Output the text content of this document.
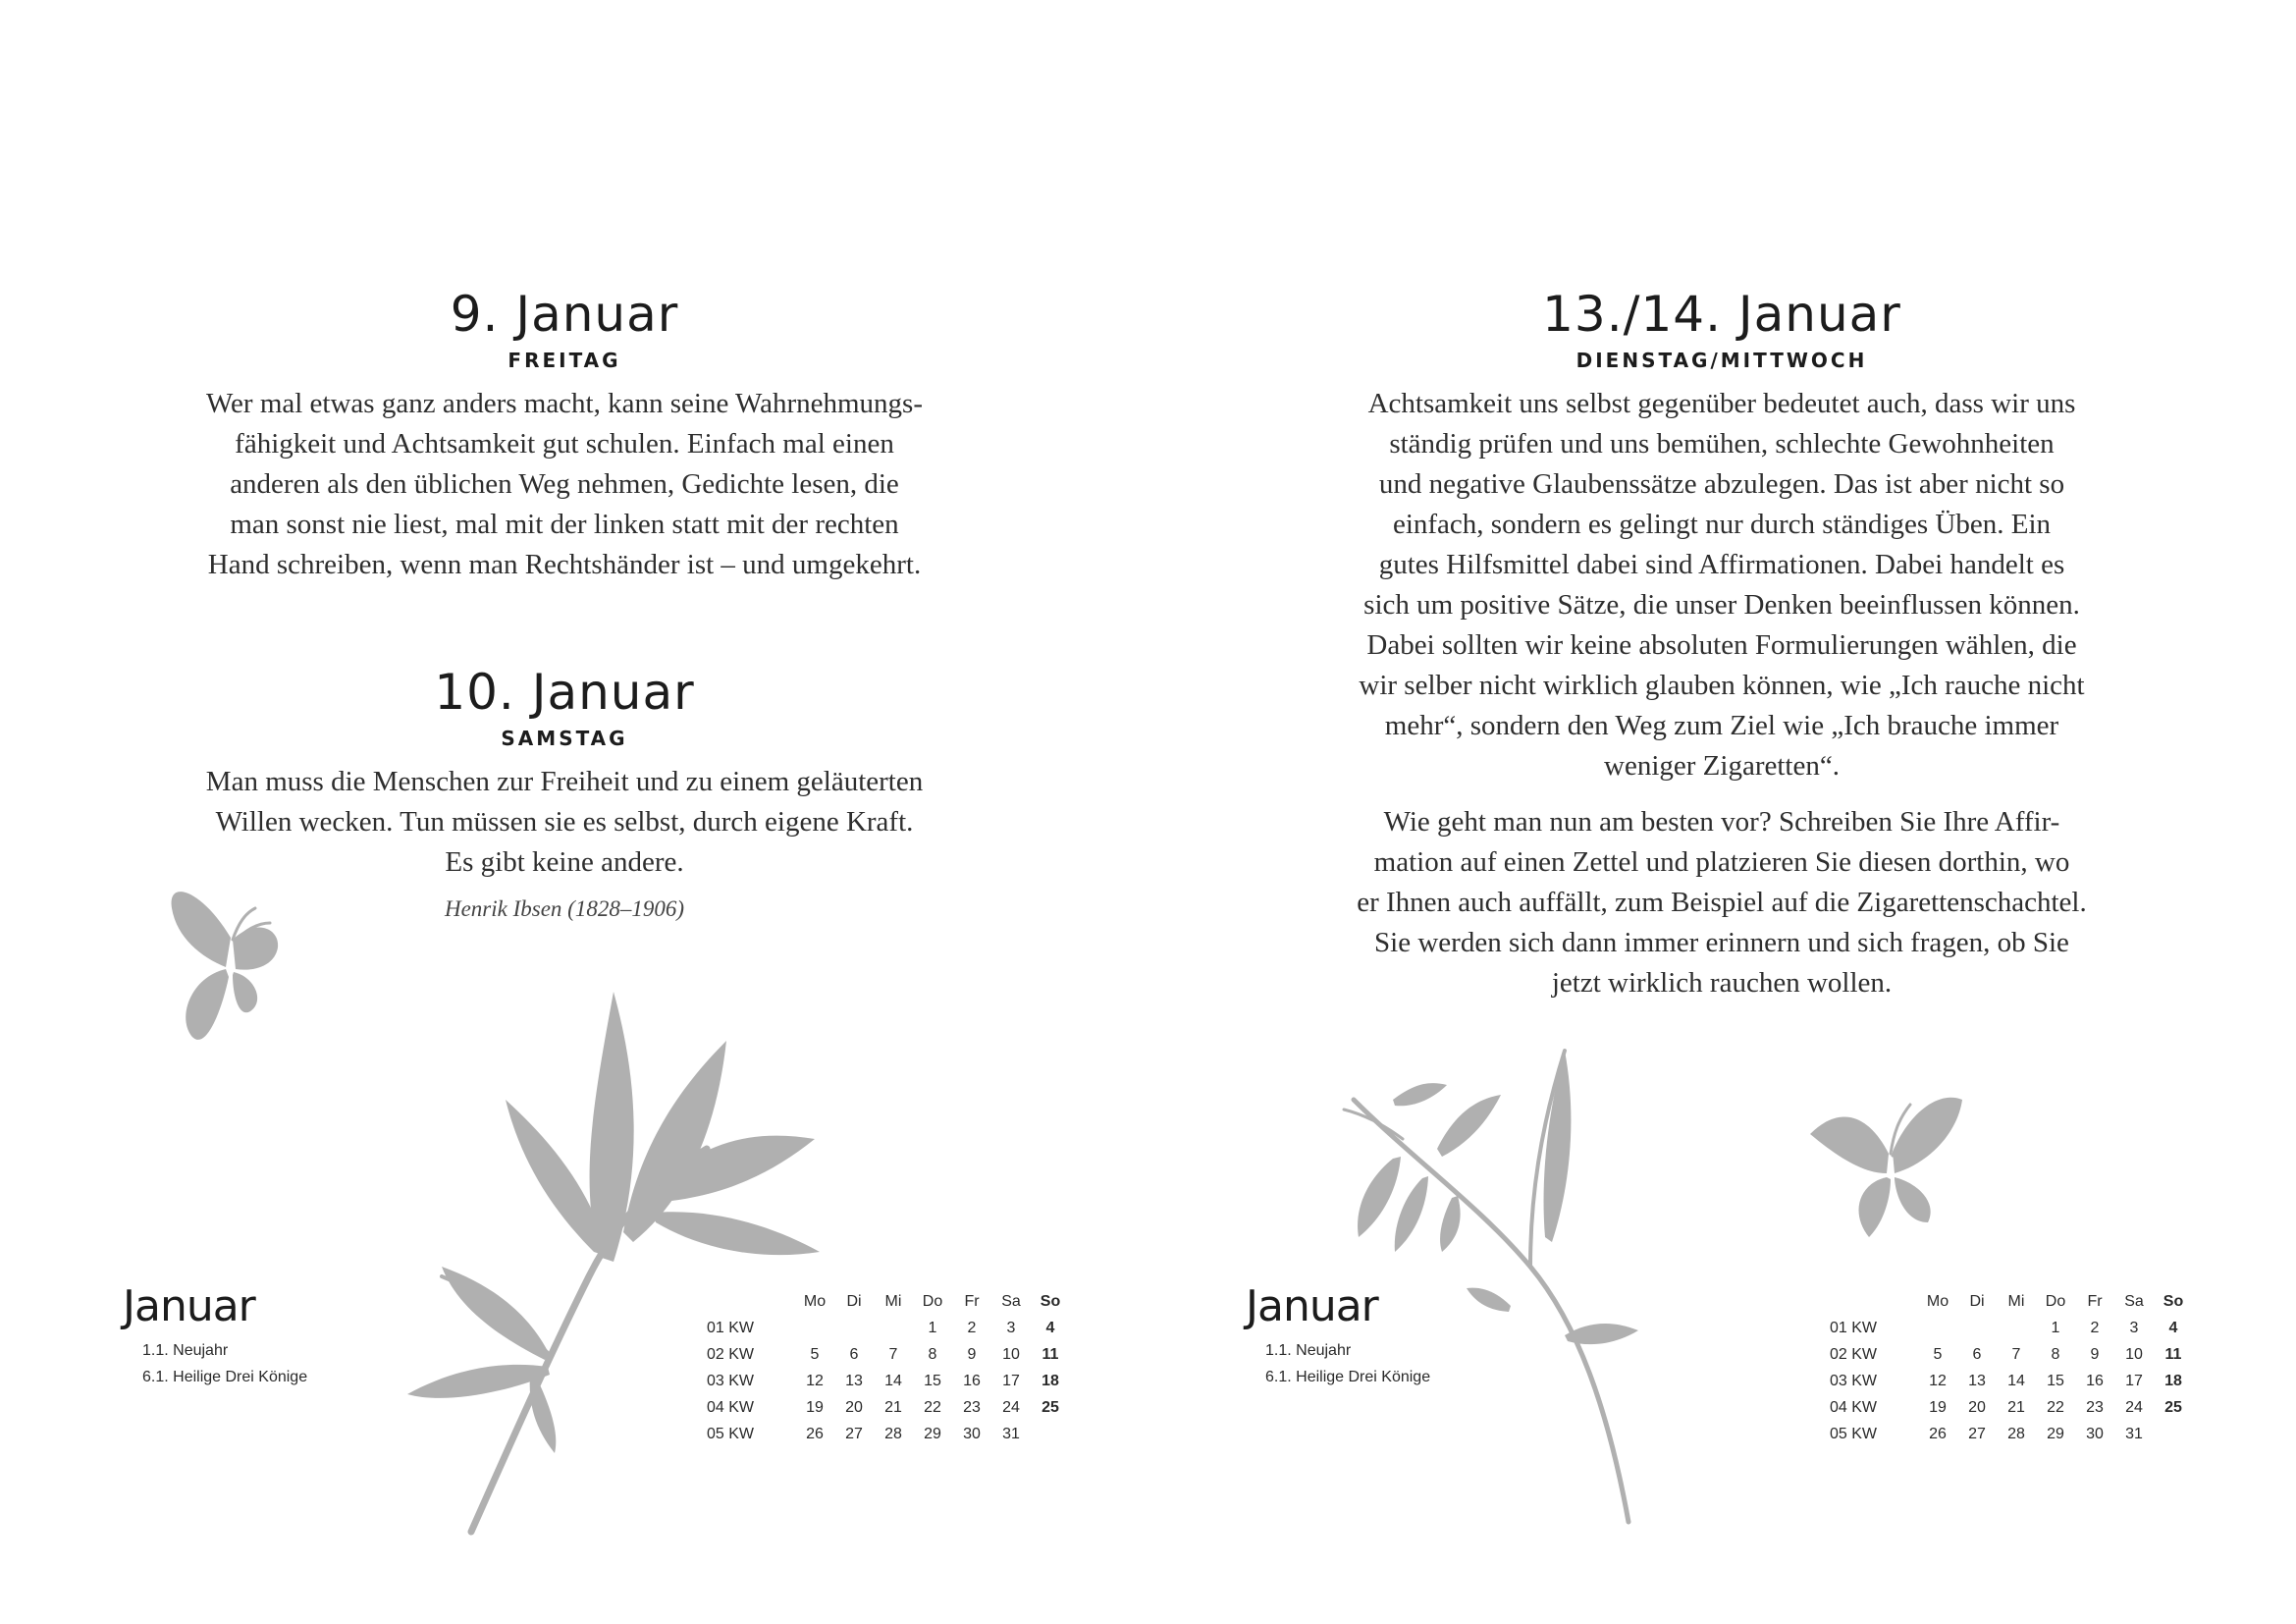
9. Januar
FREITAG

Wer mal etwas ganz anders macht, kann seine Wahrnehmungs-
fähigkeit und Achtsamkeit gut schulen. Einfach mal einen
anderen als den üblichen Weg nehmen, Gedichte lesen, die
man sonst nie liest, mal mit der linken statt mit der rechten
Hand schreiben, wenn man Rechtshänder ist – und umgekehrt.

10. Januar
SAMSTAG

Man muss die Menschen zur Freiheit und zu einem geläuterten
Willen wecken. Tun müssen sie es selbst, durch eigene Kraft.
Es gibt keine andere.

Henrik Ibsen (1828–1906)
Januar
1.1. Neujahr
6.1. Heilige Drei Könige
	Mo	Di	Mi	Do	Fr	Sa	So
01 KW				1	2	3	4
02 KW	5	6	7	8	9	10	11
03 KW	12	13	14	15	16	17	18
04 KW	19	20	21	22	23	24	25
05 KW	26	27	28	29	30	31	
13./14. Januar
DIENSTAG/MITTWOCH

Achtsamkeit uns selbst gegenüber bedeutet auch, dass wir uns
ständig prüfen und uns bemühen, schlechte Gewohnheiten
und negative Glaubenssätze abzulegen. Das ist aber nicht so
einfach, sondern es gelingt nur durch ständiges Üben. Ein
gutes Hilfsmittel dabei sind Affirmationen. Dabei handelt es
sich um positive Sätze, die unser Denken beeinflussen können.
Dabei sollten wir keine absoluten Formulierungen wählen, die
wir selber nicht wirklich glauben können, wie „Ich rauche nicht
mehr“, sondern den Weg zum Ziel wie „Ich brauche immer
weniger Zigaretten“.

Wie geht man nun am besten vor? Schreiben Sie Ihre Affir-
mation auf einen Zettel und platzieren Sie diesen dorthin, wo
er Ihnen auch auffällt, zum Beispiel auf die Zigarettenschachtel.
Sie werden sich dann immer erinnern und sich fragen, ob Sie
jetzt wirklich rauchen wollen.

Januar
1.1. Neujahr
6.1. Heilige Drei Könige
	Mo	Di	Mi	Do	Fr	Sa	So
01 KW				1	2	3	4
02 KW	5	6	7	8	9	10	11
03 KW	12	13	14	15	16	17	18
04 KW	19	20	21	22	23	24	25
05 KW	26	27	28	29	30	31	
